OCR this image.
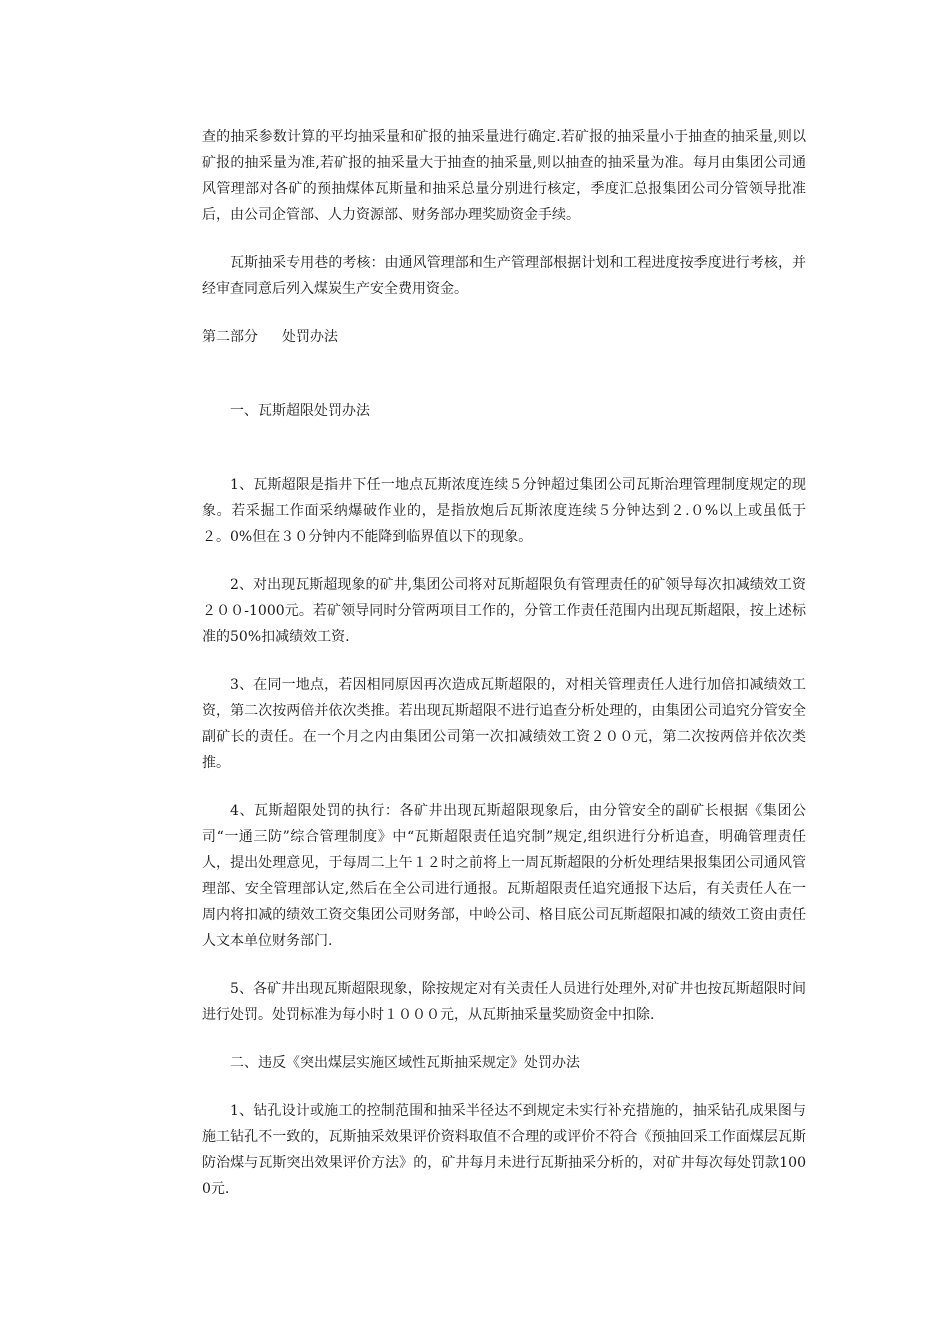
查的抽采参数计算的平均抽采量和矿报的抽采量进行确定.若矿报的抽采量小于抽查的抽采量,则以矿报的抽采量为准,若矿报的抽采量大于抽查的抽采量,则以抽查的抽采量为准。每月由集团公司通风管理部对各矿的预抽煤体瓦斯量和抽采总量分别进行核定，季度汇总报集团公司分管领导批准后，由公司企管部、人力资源部、财务部办理奖励资金手续。

瓦斯抽采专用巷的考核：由通风管理部和生产管理部根据计划和工程进度按季度进行考核，并经审查同意后列入煤炭生产安全费用资金。

第二部分 处罚办法

一、瓦斯超限处罚办法

1、瓦斯超限是指井下任一地点瓦斯浓度连续５分钟超过集团公司瓦斯治理管理制度规定的现象。若采掘工作面采纳爆破作业的，是指放炮后瓦斯浓度连续５分钟达到２.０%以上或虽低于２。0%但在３０分钟内不能降到临界值以下的现象。

2、对出现瓦斯超现象的矿井,集团公司将对瓦斯超限负有管理责任的矿领导每次扣减绩效工资２００-1000元。若矿领导同时分管两项目工作的，分管工作责任范围内出现瓦斯超限，按上述标准的50%扣减绩效工资.

3、在同一地点，若因相同原因再次造成瓦斯超限的，对相关管理责任人进行加倍扣减绩效工资，第二次按两倍并依次类推。若出现瓦斯超限不进行追查分析处理的，由集团公司追究分管安全副矿长的责任。在一个月之内由集团公司第一次扣减绩效工资２００元，第二次按两倍并依次类推。

4、瓦斯超限处罚的执行：各矿井出现瓦斯超限现象后，由分管安全的副矿长根据《集团公司“一通三防”综合管理制度》中“瓦斯超限责任追究制”规定,组织进行分析追查，明确管理责任人，提出处理意见，于每周二上午１２时之前将上一周瓦斯超限的分析处理结果报集团公司通风管理部、安全管理部认定,然后在全公司进行通报。瓦斯超限责任追究通报下达后，有关责任人在一周内将扣减的绩效工资交集团公司财务部，中岭公司、格目底公司瓦斯超限扣减的绩效工资由责任人文本单位财务部门.

5、各矿井出现瓦斯超限现象，除按规定对有关责任人员进行处理外,对矿井也按瓦斯超限时间进行处罚。处罚标准为每小时１０００元，从瓦斯抽采量奖励资金中扣除.

二、违反《突出煤层实施区域性瓦斯抽采规定》处罚办法

1、钻孔设计或施工的控制范围和抽采半径达不到规定未实行补充措施的，抽采钻孔成果图与施工钻孔不一致的，瓦斯抽采效果评价资料取值不合理的或评价不符合《预抽回采工作面煤层瓦斯防治煤与瓦斯突出效果评价方法》的，矿井每月未进行瓦斯抽采分析的，对矿井每次每处罚款1000元.
